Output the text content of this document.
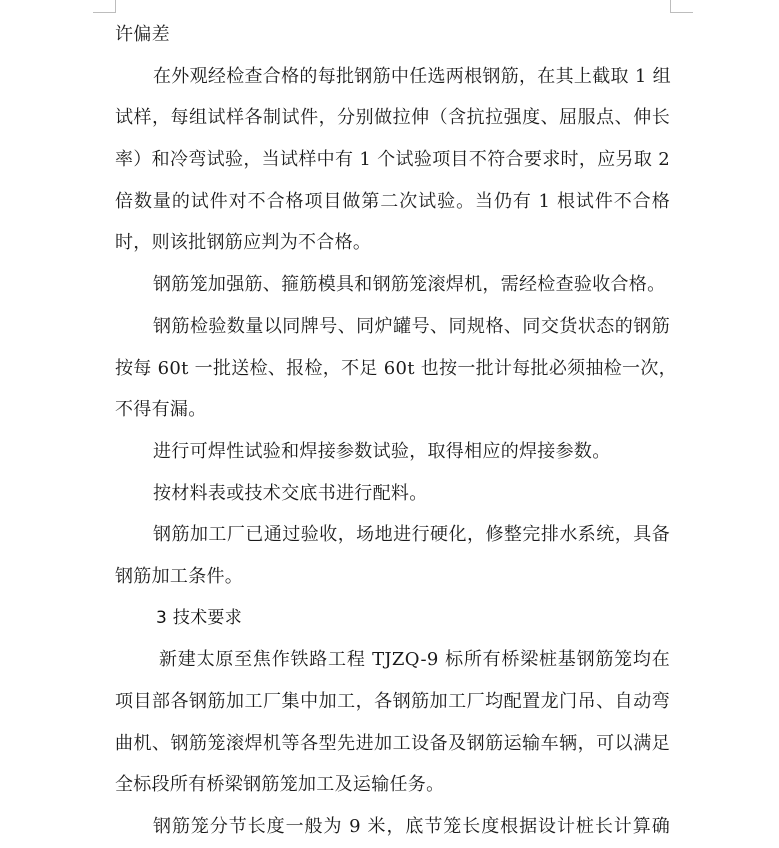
许偏差
在外观经检查合格的每批钢筋中任选两根钢筋，在其上截取 1 组
试样，每组试样各制试件，分别做拉伸（含抗拉强度、屈服点、伸长
率）和冷弯试验，当试样中有 1 个试验项目不符合要求时，应另取 2
倍数量的试件对不合格项目做第二次试验。当仍有 1 根试件不合格
时，则该批钢筋应判为不合格。
钢筋笼加强筋、箍筋模具和钢筋笼滚焊机，需经检查验收合格。
钢筋检验数量以同牌号、同炉罐号、同规格、同交货状态的钢筋
按每 60t 一批送检、报检，不足 60t 也按一批计每批必须抽检一次，
不得有漏。
进行可焊性试验和焊接参数试验，取得相应的焊接参数。
按材料表或技术交底书进行配料。
钢筋加工厂已通过验收，场地进行硬化，修整完排水系统，具备
钢筋加工条件。
3 技术要求
新建太原至焦作铁路工程 TJZQ-9 标所有桥梁桩基钢筋笼均在
项目部各钢筋加工厂集中加工，各钢筋加工厂均配置龙门吊、自动弯
曲机、钢筋笼滚焊机等各型先进加工设备及钢筋运输车辆，可以满足
全标段所有桥梁钢筋笼加工及运输任务。
钢筋笼分节长度一般为 9 米，底节笼长度根据设计桩长计算确
